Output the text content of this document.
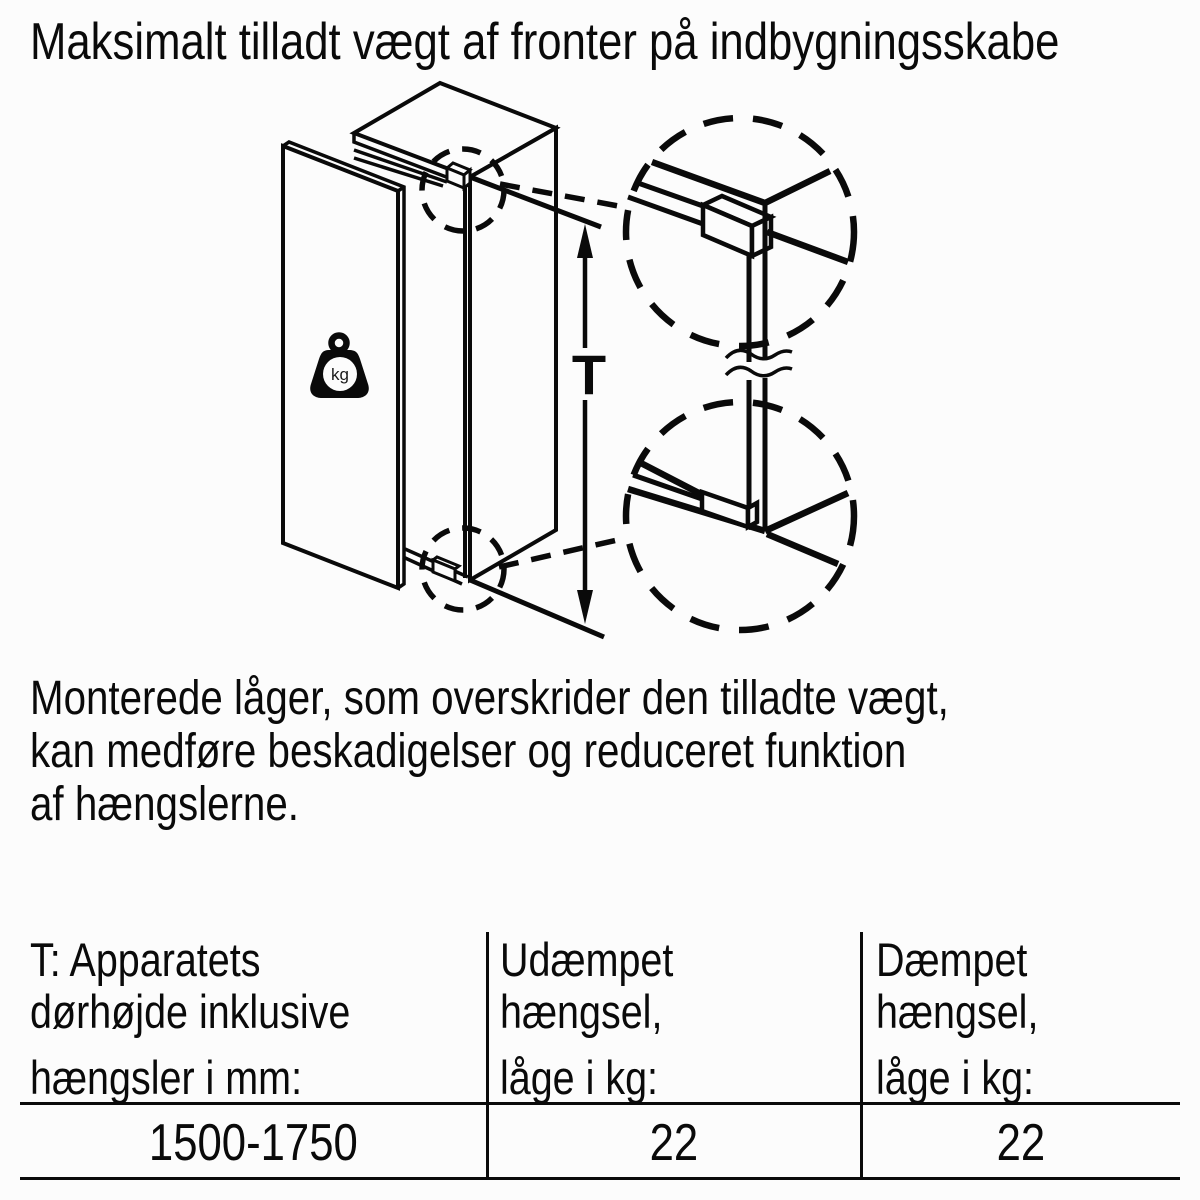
Maksimalt tilladt vægt af fronter på indbygningsskabe
kg	T
Monterede låger, som overskrider den tilladte vægt,
kan medføre beskadigelser og reduceret funktion
af hængslerne.
T: Apparatets
dørhøjde inklusive
hængsler i mm:
Udæmpet
hængsel,
låge i kg:
Dæmpet
hængsel,
låge i kg:
1500-1750	22	22
